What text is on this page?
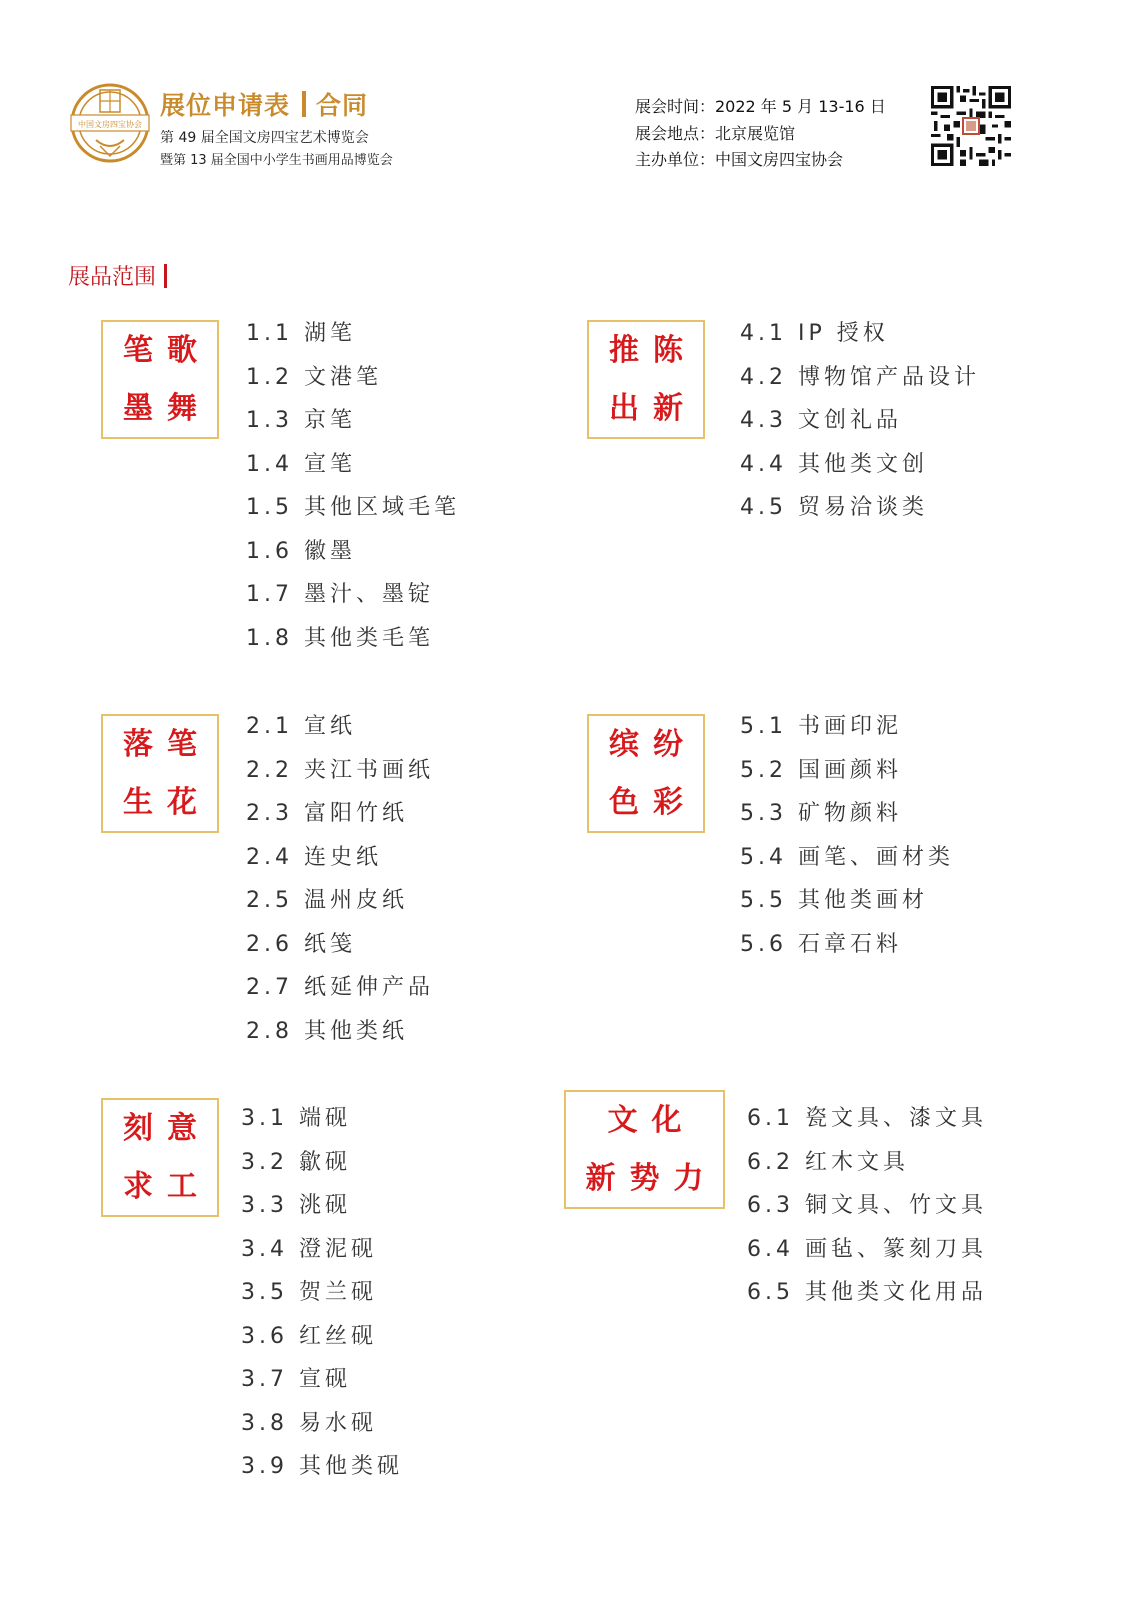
中国文房四宝协会
展位申请表 合同
第 49 届全国文房四宝艺术博览会
暨第 13 届全国中小学生书画用品博览会
展会时间：2022 年 5 月 13-16 日
展会地点：北京展览馆
主办单位：中国文房四宝协会
展品范围
笔歌
墨舞
1.1 湖笔
1.2 文港笔
1.3 京笔
1.4 宣笔
1.5 其他区域毛笔
1.6 徽墨
1.7 墨汁、墨锭
1.8 其他类毛笔
落笔
生花
2.1 宣纸
2.2 夹江书画纸
2.3 富阳竹纸
2.4 连史纸
2.5 温州皮纸
2.6 纸笺
2.7 纸延伸产品
2.8 其他类纸
刻意
求工
3.1 端砚
3.2 歙砚
3.3 洮砚
3.4 澄泥砚
3.5 贺兰砚
3.6 红丝砚
3.7 宣砚
3.8 易水砚
3.9 其他类砚
推陈
出新
4.1 IP 授权
4.2 博物馆产品设计
4.3 文创礼品
4.4 其他类文创
4.5 贸易洽谈类
缤纷
色彩
5.1 书画印泥
5.2 国画颜料
5.3 矿物颜料
5.4 画笔、画材类
5.5 其他类画材
5.6 石章石料
文化
新势力
6.1 瓷文具、漆文具
6.2 红木文具
6.3 铜文具、竹文具
6.4 画毡、篆刻刀具
6.5 其他类文化用品
